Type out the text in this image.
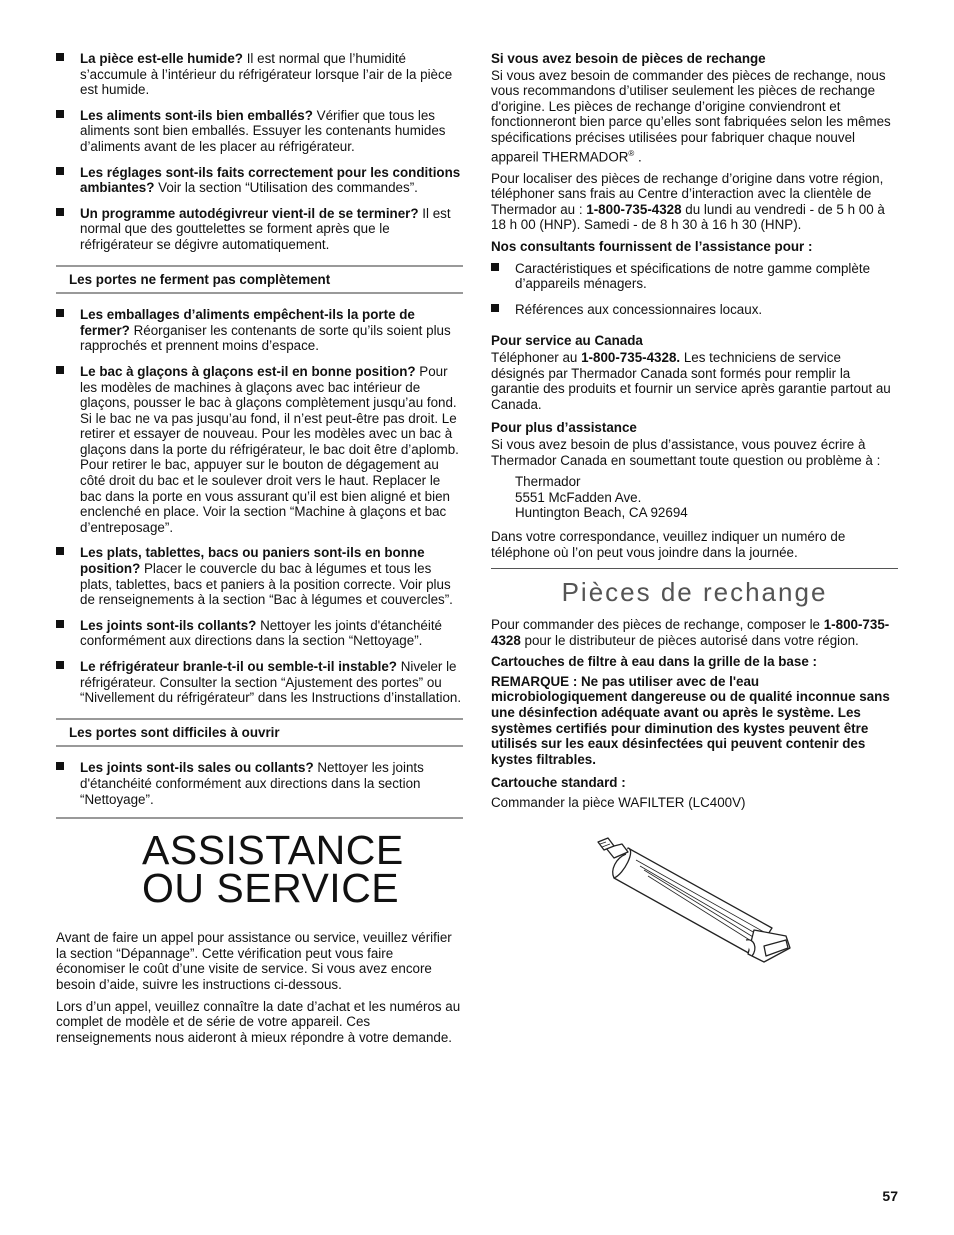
La pièce est-elle humide? Il est normal que l’humidité s’accumule à l’intérieur du réfrigérateur lorsque l’air de la pièce est humide.
Les aliments sont-ils bien emballés? Vérifier que tous les aliments sont bien emballés. Essuyer les contenants humides d’aliments avant de les placer au réfrigérateur.
Les réglages sont-ils faits correctement pour les conditions ambiantes? Voir la section “Utilisation des commandes”.
Un programme autodégivreur vient-il de se terminer? Il est normal que des gouttelettes se forment après que le réfrigérateur se dégivre automatiquement.
Les portes ne ferment pas complètement
Les emballages d’aliments empêchent-ils la porte de fermer? Réorganiser les contenants de sorte qu’ils soient plus rapprochés et prennent moins d’espace.
Le bac à glaçons à glaçons est-il en bonne position? Pour les modèles de machines à glaçons avec bac intérieur de glaçons, pousser le bac à glaçons complètement jusqu’au fond. Si le bac ne va pas jusqu’au fond, il n’est peut-être pas droit. Le retirer et essayer de nouveau. Pour les modèles avec un bac à glaçons dans la porte du réfrigérateur, le bac doit être d’aplomb. Pour retirer le bac, appuyer sur le bouton de dégagement au côté droit du bac et le soulever droit vers le haut. Replacer le bac dans la porte en vous assurant qu’il est bien aligné et bien enclenché en place. Voir la section “Machine à glaçons et bac d’entreposage”.
Les plats, tablettes, bacs ou paniers sont-ils en bonne position? Placer le couvercle du bac à légumes et tous les plats, tablettes, bacs et paniers à la position correcte. Voir plus de renseignements à la section “Bac à légumes et couvercles”.
Les joints sont-ils collants? Nettoyer les joints d'étanchéité conformément aux directions dans la section “Nettoyage”.
Le réfrigérateur branle-t-il ou semble-t-il instable? Niveler le réfrigérateur. Consulter la section “Ajustement des portes” ou “Nivellement du réfrigérateur” dans les Instructions d’installation.
Les portes sont difficiles à ouvrir
Les joints sont-ils sales ou collants? Nettoyer les joints d'étanchéité conformément aux directions dans la section “Nettoyage”.
ASSISTANCE
OU SERVICE

Avant de faire un appel pour assistance ou service, veuillez vérifier la section “Dépannage”. Cette vérification peut vous faire économiser le coût d’une visite de service. Si vous avez encore besoin d’aide, suivre les instructions ci-dessous.

Lors d’un appel, veuillez connaître la date d’achat et les numéros au complet de modèle et de série de votre appareil. Ces renseignements nous aideront à mieux répondre à votre demande.

Si vous avez besoin de pièces de rechange

Si vous avez besoin de commander des pièces de rechange, nous vous recommandons d’utiliser seulement les pièces de rechange d'origine. Les pièces de rechange d’origine conviendront et fonctionneront bien parce qu’elles sont fabriquées selon les mêmes spécifications précises utilisées pour fabriquer chaque nouvel appareil THERMADOR® .

Pour localiser des pièces de rechange d’origine dans votre région, téléphoner sans frais au Centre d’interaction avec la clientèle de Thermador au : 1-800-735-4328 du lundi au vendredi - de 5 h 00 à 18 h 00 (HNP). Samedi - de 8 h 30 à 16 h 30 (HNP).

Nos consultants fournissent de l’assistance pour :

Caractéristiques et spécifications de notre gamme complète d’appareils ménagers.
Références aux concessionnaires locaux.
Pour service au Canada

Téléphoner au 1-800-735-4328. Les techniciens de service désignés par Thermador Canada sont formés pour remplir la garantie des produits et fournir un service après garantie partout au Canada.

Pour plus d’assistance

Si vous avez besoin de plus d’assistance, vous pouvez écrire à Thermador Canada en soumettant toute question ou problème à :

Thermador
5551 McFadden Ave.
Huntington Beach, CA 92694

Dans votre correspondance, veuillez indiquer un numéro de téléphone où l’on peut vous joindre dans la journée.

Pièces de rechange

Pour commander des pièces de rechange, composer le 1-800-735-4328 pour le distributeur de pièces autorisé dans votre région.

Cartouches de filtre à eau dans la grille de la base :

REMARQUE : Ne pas utiliser avec de l'eau microbiologiquement dangereuse ou de qualité inconnue sans une désinfection adéquate avant ou après le système. Les systèmes certifiés pour diminution des kystes peuvent être utilisés sur les eaux désinfectées qui peuvent contenir des kystes filtrables.

Cartouche standard :

Commander la pièce WAFILTER (LC400V)

57
